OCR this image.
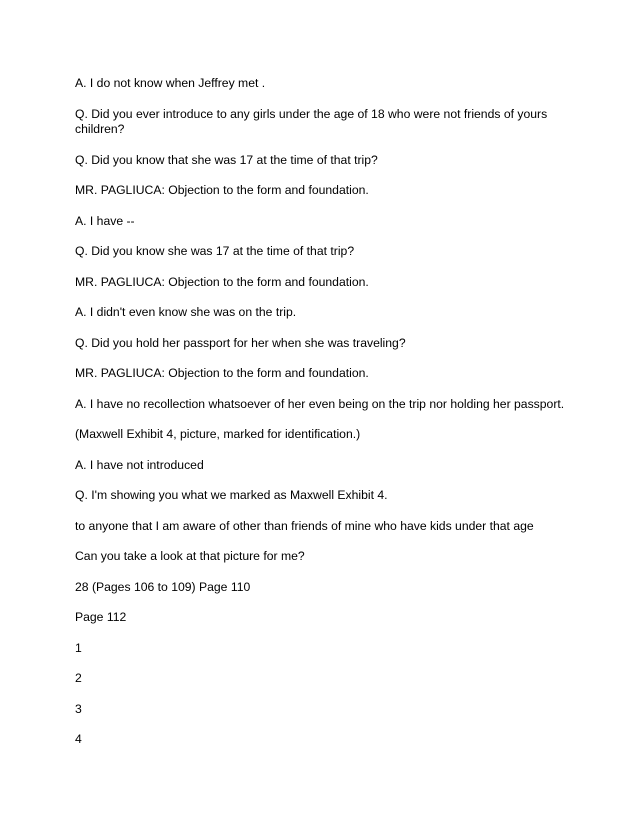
A. I do not know when Jeffrey met .

Q. Did you ever introduce to any girls under the age of 18 who were not friends of yours children?

Q. Did you know that she was 17 at the time of that trip?

MR. PAGLIUCA: Objection to the form and foundation.

A. I have --

Q. Did you know she was 17 at the time of that trip?

MR. PAGLIUCA: Objection to the form and foundation.

A. I didn't even know she was on the trip.

Q. Did you hold her passport for her when she was traveling?

MR. PAGLIUCA: Objection to the form and foundation.

A. I have no recollection whatsoever of her even being on the trip nor holding her passport.

(Maxwell Exhibit 4, picture, marked for identification.)

A. I have not introduced

Q. I'm showing you what we marked as Maxwell Exhibit 4.

to anyone that I am aware of other than friends of mine who have kids under that age

Can you take a look at that picture for me?

28 (Pages 106 to 109) Page 110

Page 112

1

2

3

4
